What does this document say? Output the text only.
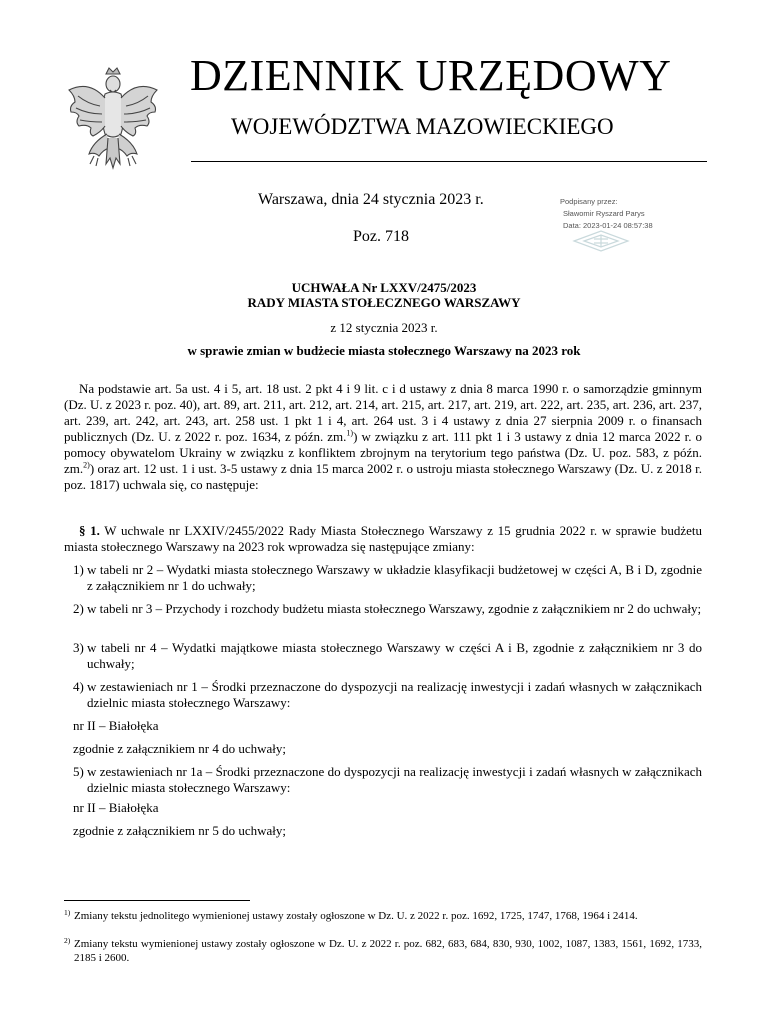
DZIENNIK URZĘDOWY
WOJEWÓDZTWA MAZOWIECKIEGO
Warszawa, dnia 24 stycznia 2023 r.
Poz. 718
Podpisany przez:
Sławomir Ryszard Parys
Data: 2023-01-24 08:57:38
UCHWAŁA Nr LXXV/2475/2023
RADY MIASTA STOŁECZNEGO WARSZAWY
z 12 stycznia 2023 r.
w sprawie zmian w budżecie miasta stołecznego Warszawy na 2023 rok

Na podstawie art. 5a ust. 4 i 5, art. 18 ust. 2 pkt 4 i 9 lit. c i d ustawy z dnia 8 marca 1990 r. o samorządzie gminnym (Dz. U. z 2023 r. poz. 40), art. 89, art. 211, art. 212, art. 214, art. 215, art. 217, art. 219, art. 222, art. 235, art. 236, art. 237, art. 239, art. 242, art. 243, art. 258 ust. 1 pkt 1 i 4, art. 264 ust. 3 i 4 ustawy z dnia 27 sierpnia 2009 r. o finansach publicznych (Dz. U. z 2022 r. poz. 1634, z późn. zm.$^{1)}$) w związku z art. 111 pkt 1 i 3 ustawy z dnia 12 marca 2022 r. o pomocy obywatelom Ukrainy w związku z konfliktem zbrojnym na terytorium tego państwa (Dz. U. poz. 583, z późn. zm.$^{2)}$) oraz art. 12 ust. 1 i ust. 3-5 ustawy z dnia 15 marca 2002 r. o ustroju miasta stołecznego Warszawy (Dz. U. z 2018 r. poz. 1817) uchwala się, co następuje:

§ 1. W uchwale nr LXXIV/2455/2022 Rady Miasta Stołecznego Warszawy z 15 grudnia 2022 r. w sprawie budżetu miasta stołecznego Warszawy na 2023 rok wprowadza się następujące zmiany:

1) w tabeli nr 2 – Wydatki miasta stołecznego Warszawy w układzie klasyfikacji budżetowej w części A, B i D, zgodnie z załącznikiem nr 1 do uchwały;

2) w tabeli nr 3 – Przychody i rozchody budżetu miasta stołecznego Warszawy, zgodnie z załącznikiem nr 2 do uchwały;

3) w tabeli nr 4 – Wydatki majątkowe miasta stołecznego Warszawy w części A i B, zgodnie z załącznikiem nr 3 do uchwały;

4) w zestawieniach nr 1 – Środki przeznaczone do dyspozycji na realizację inwestycji i zadań własnych w załącznikach dzielnic miasta stołecznego Warszawy:

nr II – Białołęka

zgodnie z załącznikiem nr 4 do uchwały;

5) w zestawieniach nr 1a – Środki przeznaczone do dyspozycji na realizację inwestycji i zadań własnych w załącznikach dzielnic miasta stołecznego Warszawy:

nr II – Białołęka

zgodnie z załącznikiem nr 5 do uchwały;

1) Zmiany tekstu jednolitego wymienionej ustawy zostały ogłoszone w Dz. U. z 2022 r. poz. 1692, 1725, 1747, 1768, 1964 i 2414.

2) Zmiany tekstu wymienionej ustawy zostały ogłoszone w Dz. U. z 2022 r. poz. 682, 683, 684, 830, 930, 1002, 1087, 1383, 1561, 1692, 1733, 2185 i 2600.
